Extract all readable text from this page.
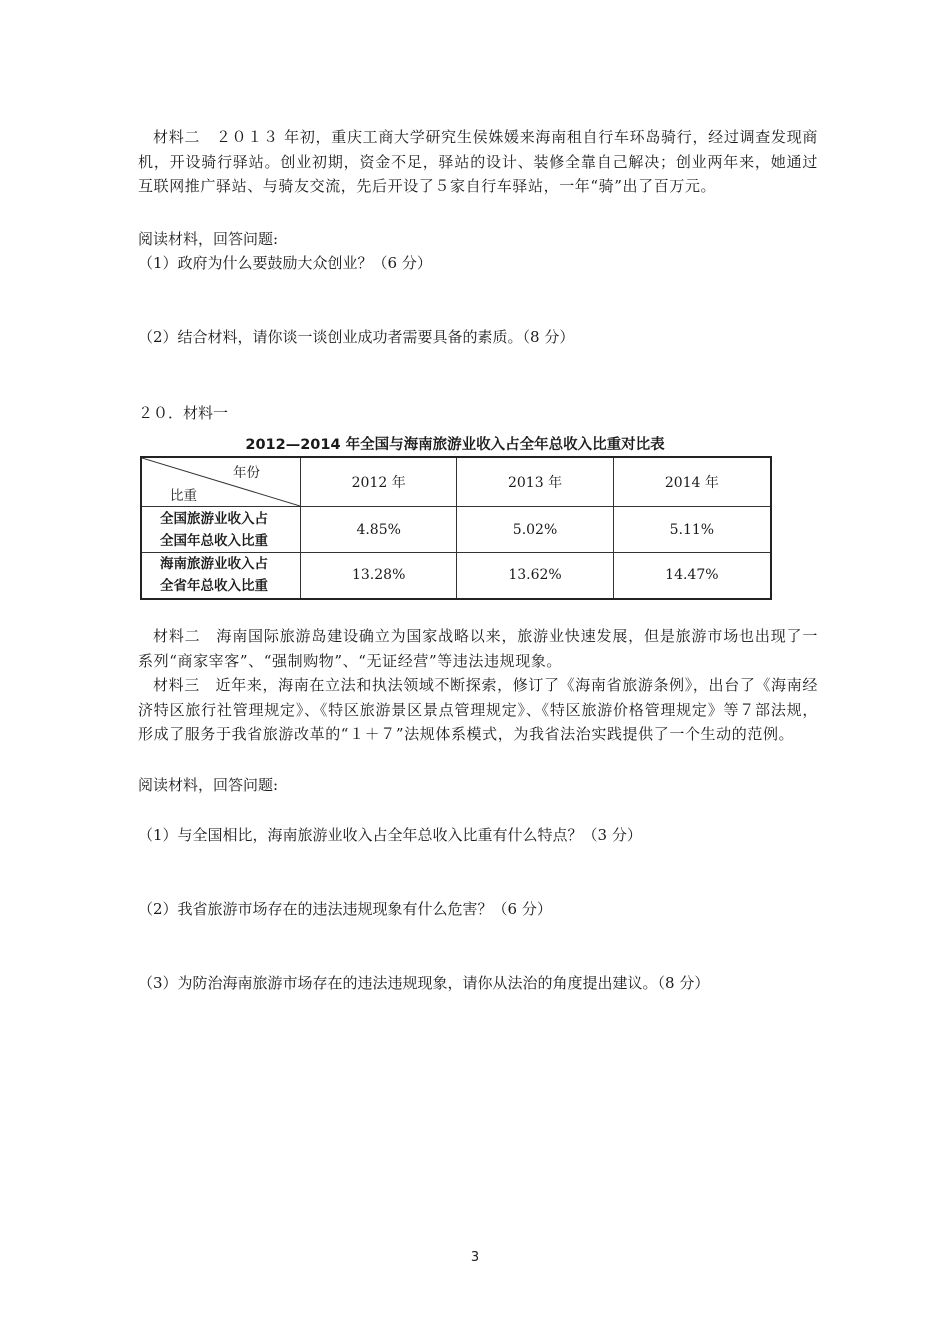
材料二　２０１３ 年初，重庆工商大学研究生侯姝媛来海南租自行车环岛骑行，经过调查发现商机，开设骑行驿站。创业初期，资金不足，驿站的设计、装修全靠自己解决；创业两年来，她通过互联网推广驿站、与骑友交流，先后开设了５家自行车驿站，一年“骑”出了百万元。
阅读材料，回答问题:
（1）政府为什么要鼓励大众创业？（6 分）
（2）结合材料，请你谈一谈创业成功者需要具备的素质。（8 分）
２０．材料一
2012—2014 年全国与海南旅游业收入占全年总收入比重对比表
年份
比重	2012 年	2013 年	2014 年

全国旅游业收入占
全国年总收入比重	4.85%	5.02%	5.11%

海南旅游业收入占
全省年总收入比重	13.28%	13.62%	14.47%
材料二　海南国际旅游岛建设确立为国家战略以来，旅游业快速发展，但是旅游市场也出现了一系列“商家宰客”、“强制购物”、“无证经营”等违法违规现象。
材料三　近年来，海南在立法和执法领域不断探索，修订了《海南省旅游条例》，出台了《海南经济特区旅行社管理规定》、《特区旅游景区景点管理规定》、《特区旅游价格管理规定》等７部法规，形成了服务于我省旅游改革的“１＋７”法规体系模式，为我省法治实践提供了一个生动的范例。
阅读材料，回答问题:
（1）与全国相比，海南旅游业收入占全年总收入比重有什么特点？（3 分）
（2）我省旅游市场存在的违法违规现象有什么危害？（6 分）
（3）为防治海南旅游市场存在的违法违规现象，请你从法治的角度提出建议。（8 分）
3
